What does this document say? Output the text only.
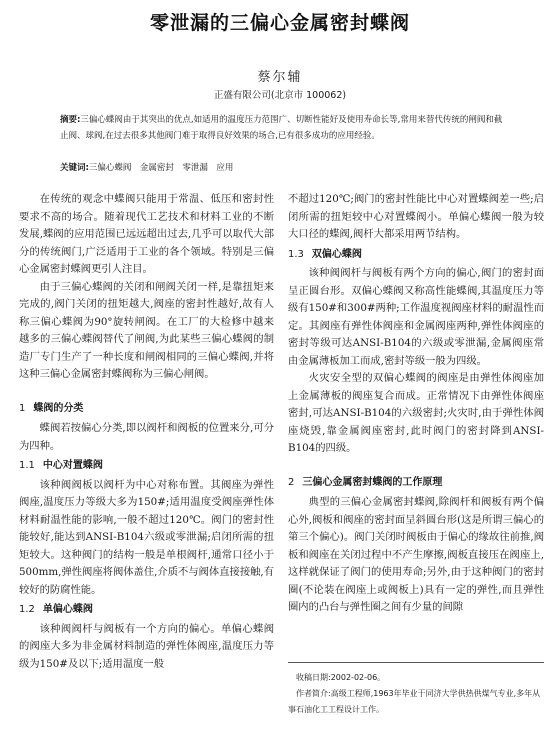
零泄漏的三偏心金属密封蝶阀
蔡尔辅
正盛有限公司(北京市 100062)
摘要:三偏心蝶阀由于其突出的优点,如适用的温度压力范围广、切断性能好及使用寿命长等,常用来替代传统的闸阀和截止阀、球阀,在过去很多其他阀门难于取得良好效果的场合,已有很多成功的应用经验。
关键词:三偏心蝶阀　金属密封　零泄漏　应用

在传统的观念中蝶阀只能用于常温、低压和密封性要求不高的场合。随着现代工艺技术和材料工业的不断发展,蝶阀的应用范围已远远超出过去,几乎可以取代大部分的传统阀门,广泛适用于工业的各个领域。特别是三偏心金属密封蝶阀更引人注目。

由于三偏心蝶阀的关闭和闸阀关闭一样,是靠扭矩来完成的,阀门关闭的扭矩越大,阀座的密封性越好,故有人称三偏心蝶阀为90°旋转闸阀。在工厂的大检修中越来越多的三偏心蝶阀替代了闸阀,为此某些三偏心蝶阀的制造厂专门生产了一种长度和闸阀相同的三偏心蝶阀,并将这种三偏心金属密封蝶阀称为三偏心闸阀。

1 蝶阀的分类

蝶阀若按偏心分类,即以阀杆和阀板的位置来分,可分为四种。

1.1 中心对置蝶阀

该种阀阀板以阀杆为中心对称布置。其阀座为弹性阀座,温度压力等级大多为150#;适用温度受阀座弹性体材料耐温性能的影响,一般不超过120℃。阀门的密封性能较好,能达到ANSI-B104六级或零泄漏;启闭所需的扭矩较大。这种阀门的结构一般是单根阀杆,通常口径小于500mm,弹性阀座将阀体盖住,介质不与阀体直接接触,有较好的防腐性能。

1.2 单偏心蝶阀

该种阀阀杆与阀板有一个方向的偏心。单偏心蝶阀的阀座大多为非金属材料制造的弹性体阀座,温度压力等级为150#及以下;适用温度一般

不超过120℃;阀门的密封性能比中心对置蝶阀差一些;启闭所需的扭矩较中心对置蝶阀小。单偏心蝶阀一般为较大口径的蝶阀,阀杆大都采用两节结构。

1.3 双偏心蝶阀

该种阀阀杆与阀板有两个方向的偏心,阀门的密封面呈正圆台形。双偏心蝶阀又称高性能蝶阀,其温度压力等级有150#和300#两种;工作温度视阀座材料的耐温性而定。其阀座有弹性体阀座和金属阀座两种,弹性体阀座的密封等级可达ANSI-B104的六级或零泄漏,金属阀座常由金属薄板加工而成,密封等级一般为四级。

火灾安全型的双偏心蝶阀的阀座是由弹性体阀座加上金属薄板的阀座复合而成。正常情况下由弹性体阀座密封,可达ANSI-B104的六级密封;火灾时,由于弹性体阀座烧毁,靠金属阀座密封,此时阀门的密封降到ANSI-B104的四级。

2 三偏心金属密封蝶阀的工作原理

典型的三偏心金属密封蝶阀,除阀杆和阀板有两个偏心外,阀板和阀座的密封面呈斜圆台形(这是所谓三偏心的第三个偏心)。阀门关闭时阀板由于偏心的缘故往前推,阀板和阀座在关闭过程中不产生摩擦,阀板直接压在阀座上,这样就保证了阀门的使用寿命;另外,由于这种阀门的密封圈(不论装在阀座上或阀板上)具有一定的弹性,而且弹性圈内的凸台与弹性圈之间有少量的间隙

收稿日期:2002-02-06。
作者简介:高级工程师,1963年毕业于同济大学供热供煤气专业,多年从事石油化工工程设计工作。
